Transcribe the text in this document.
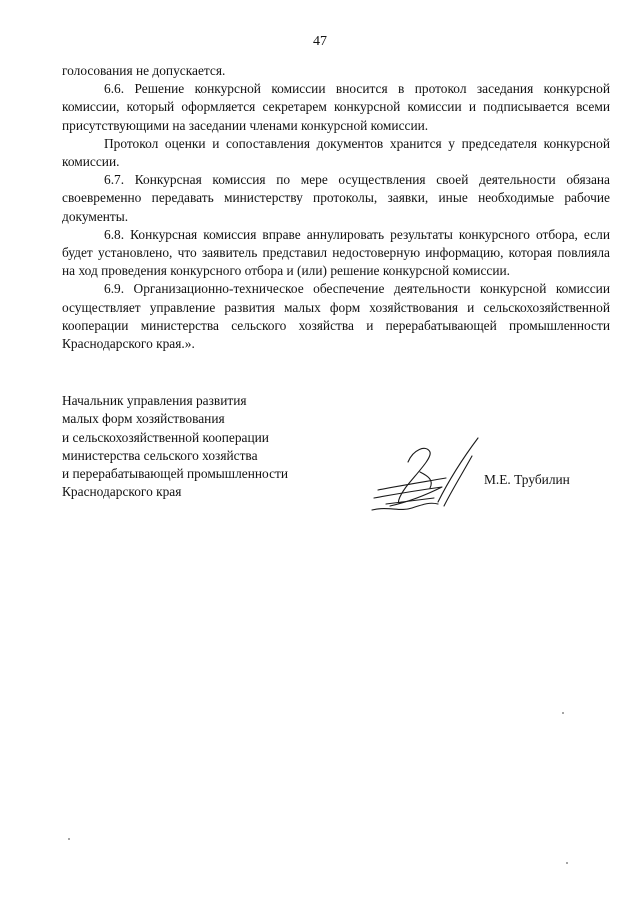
47

голосования не допускается.

6.6. Решение конкурсной комиссии вносится в протокол заседания конкурсной комиссии, который оформляется секретарем конкурсной комиссии и подписывается всеми присутствующими на заседании членами конкурсной комиссии.

Протокол оценки и сопоставления документов хранится у председателя конкурсной комиссии.

6.7. Конкурсная комиссия по мере осуществления своей деятельности обязана своевременно передавать министерству протоколы, заявки, иные необходимые рабочие документы.

6.8. Конкурсная комиссия вправе аннулировать результаты конкурсного отбора, если будет установлено, что заявитель представил недостоверную информацию, которая повлияла на ход проведения конкурсного отбора и (или) решение конкурсной комиссии.

6.9. Организационно-техническое обеспечение деятельности конкурсной комиссии осуществляет управление развития малых форм хозяйствования и сельскохозяйственной кооперации министерства сельского хозяйства и перерабатывающей промышленности Краснодарского края.».

Начальник управления развития
малых форм хозяйствования
и сельскохозяйственной кооперации
министерства сельского хозяйства
и перерабатывающей промышленности
Краснодарского края
М.Е. Трубилин
